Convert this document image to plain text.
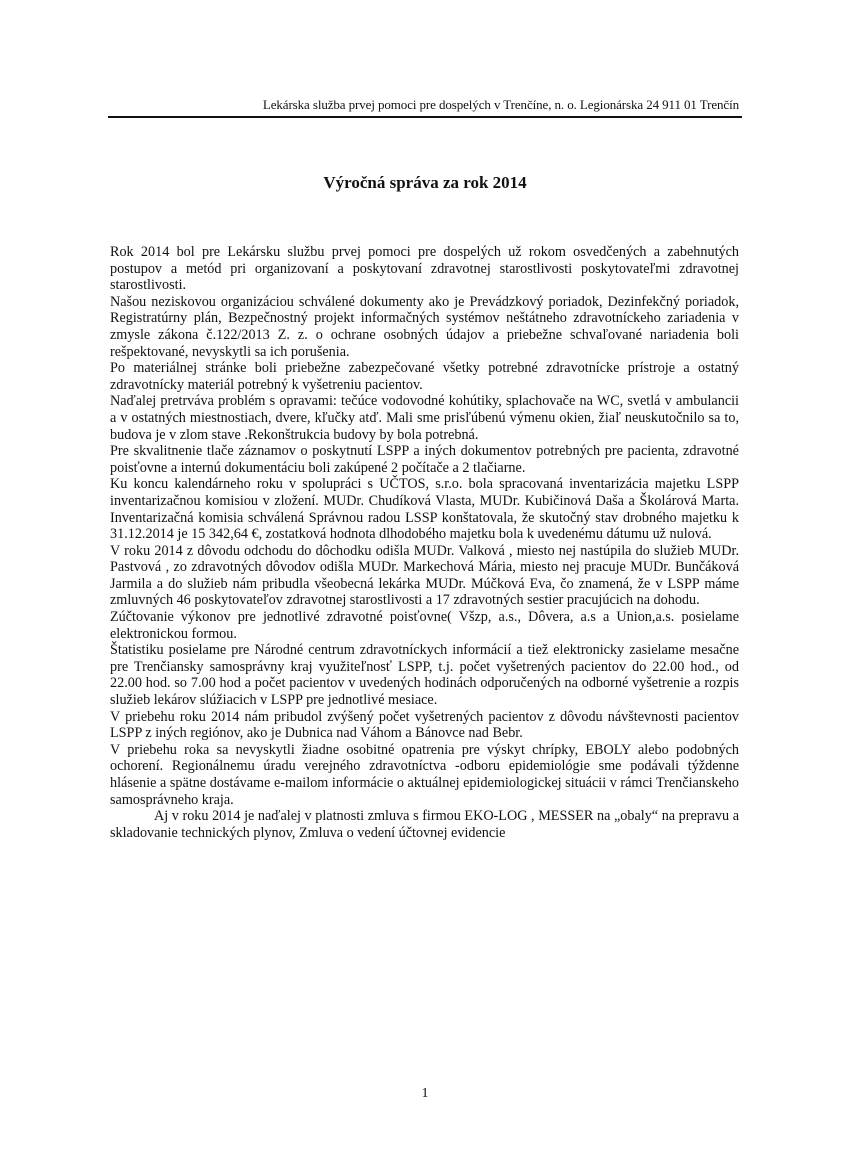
Lekárska služba prvej pomoci pre dospelých v Trenčíne, n. o. Legionárska 24 911 01 Trenčín
Výročná správa za rok 2014

Rok 2014 bol pre Lekársku službu prvej pomoci pre dospelých už rokom osvedčených a zabehnutých postupov a metód pri organizovaní a poskytovaní zdravotnej starostlivosti poskytovateľmi zdravotnej starostlivosti.

Našou neziskovou organizáciou schválené dokumenty ako je Prevádzkový poriadok, Dezinfekčný poriadok, Registratúrny plán, Bezpečnostný projekt informačných systémov neštátneho zdravotníckeho zariadenia v zmysle zákona č.122/2013 Z. z. o ochrane osobných údajov a priebežne schvaľované nariadenia boli rešpektované, nevyskytli sa ich porušenia.

Po materiálnej stránke boli priebežne zabezpečované všetky potrebné zdravotnícke prístroje a ostatný zdravotnícky materiál potrebný k vyšetreniu pacientov.

Naďalej pretrváva problém s opravami: tečúce vodovodné kohútiky, splachovače na WC, svetlá v ambulancii a v ostatných miestnostiach, dvere, kľučky atď. Mali sme prisľúbenú výmenu okien, žiaľ neuskutočnilo sa to, budova je v zlom stave .Rekonštrukcia budovy by bola potrebná.

Pre skvalitnenie tlače záznamov o poskytnutí LSPP a iných dokumentov potrebných pre pacienta, zdravotné poisťovne a internú dokumentáciu boli zakúpené 2 počítače a 2 tlačiarne.

Ku koncu kalendárneho roku v spolupráci s UČTOS, s.r.o. bola spracovaná inventarizácia majetku LSPP inventarizačnou komisiou v zložení. MUDr. Chudíková Vlasta, MUDr. Kubičinová Daša a Školárová Marta. Inventarizačná komisia schválená Správnou radou LSSP konštatovala, že skutočný stav drobného majetku k 31.12.2014 je 15 342,64 €, zostatková hodnota dlhodobého majetku bola k uvedenému dátumu už nulová.

V roku 2014 z dôvodu odchodu do dôchodku odišla MUDr. Valková , miesto nej nastúpila do služieb MUDr. Pastvová , zo zdravotných dôvodov odišla MUDr. Markechová Mária, miesto nej pracuje MUDr. Bunčáková Jarmila a do služieb nám pribudla všeobecná lekárka MUDr. Múčková Eva, čo znamená, že v LSPP máme zmluvných 46 poskytovateľov zdravotnej starostlivosti a 17 zdravotných sestier pracujúcich na dohodu.

Zúčtovanie výkonov pre jednotlivé zdravotné poisťovne( Všzp, a.s., Dôvera, a.s a Union,a.s. posielame elektronickou formou.

Štatistiku posielame pre Národné centrum zdravotníckych informácií a tiež elektronicky zasielame mesačne pre Trenčiansky samosprávny kraj využiteľnosť LSPP, t.j. počet vyšetrených pacientov do 22.00 hod., od 22.00 hod. so 7.00 hod a počet pacientov v uvedených hodinách odporučených na odborné vyšetrenie a rozpis služieb lekárov slúžiacich v LSPP pre jednotlivé mesiace.

V priebehu roku 2014 nám pribudol zvýšený počet vyšetrených pacientov z dôvodu návštevnosti pacientov LSPP z iných regiónov, ako je Dubnica nad Váhom a Bánovce nad Bebr.

V priebehu roka sa nevyskytli žiadne osobitné opatrenia pre výskyt chrípky, EBOLY alebo podobných ochorení. Regionálnemu úradu verejného zdravotníctva -odboru epidemiológie sme podávali týždenne hlásenie a spätne dostávame e-mailom informácie o aktuálnej epidemiologickej situácii v rámci Trenčianskeho samosprávneho kraja.

Aj v roku 2014 je naďalej v platnosti zmluva s firmou EKO-LOG , MESSER na „obaly“ na prepravu a skladovanie technických plynov, Zmluva o vedení účtovnej evidencie

1
